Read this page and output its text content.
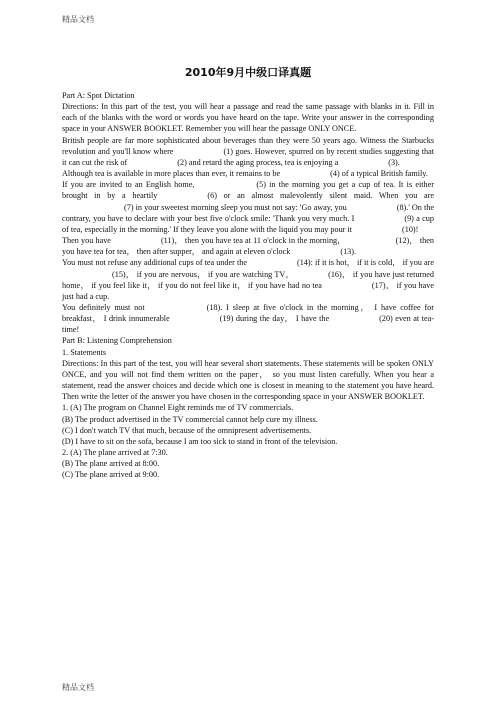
精品文档
2010年9月中级口译真题

Part A: Spot Dictation

Directions: In this part of the test, you will hear a passage and read the same passage with blanks in it. Fill in each of the blanks with the word or words you have heard on the tape. Write your answer in the corresponding space in your ANSWER BOOKLET. Remember you will hear the passage ONLY ONCE.

British people are far more sophisticated about beverages than they were 50 years ago. Witness the Starbucks revolution and you'll know where	(1) goes. However, spurred on by recent studies suggesting that it can cut the risk of	(2) and retard the aging process, tea is enjoying a	(3).

Although tea is available in more places than ever, it remains to be	(4) of a typical British family.

If you are invited to an English home,	(5) in the morning you get a cup of tea. It is either brought in by a heartily	(6) or an almost malevolently silent maid. When you are(7) in your sweetest morning sleep you must not say: 'Go away, you	(8).' On the contrary, you have to declare with your best five o'clock smile: 'Thank you very much. I	(9) a cup of tea, especially in the morning.' If they leave you alone with the liquid you may pour it	(10)!

Then you have	(11)， then you have tea at 11 o'clock in the morning，	(12)， then you have tea for tea， then after supper， and again at eleven o'clock	(13).

You must not refuse any additional cups of tea under the	(14): if it is hot， if it is cold， if you are(15)， if you are nervous， if you are watching TV，	(16)， if you have just returned home， if you feel like it， if you do not feel like it， if you have had no tea	(17)， if you have just had a cup.

You definitely must not	(18). I sleep at five o'clock in the morning， I have coffee for breakfast， I drink innumerable	(19) during the day， I have the	(20) even at tea-time!

Part B: Listening Comprehension

1. Statements

Directions: In this part of the test, you will hear several short statements. These statements will be spoken ONLY ONCE, and you will not find them written on the paper， so you must listen carefully. When you hear a statement, read the answer choices and decide which one is closest in meaning to the statement you have heard. Then write the letter of the answer you have chosen in the corresponding space in your ANSWER BOOKLET.

1. (A) The program on Channel Eight reminds me of TV commercials.

(B) The product advertised in the TV commercial cannot help cure my illness.

(C) I don't watch TV that much, because of the omnipresent advertisements.

(D) I have to sit on the sofa, because I am too sick to stand in front of the television.

2. (A) The plane arrived at 7:30.

(B) The plane arrived at 8:00.

(C) The plane arrived at 9:00.

精品文档
